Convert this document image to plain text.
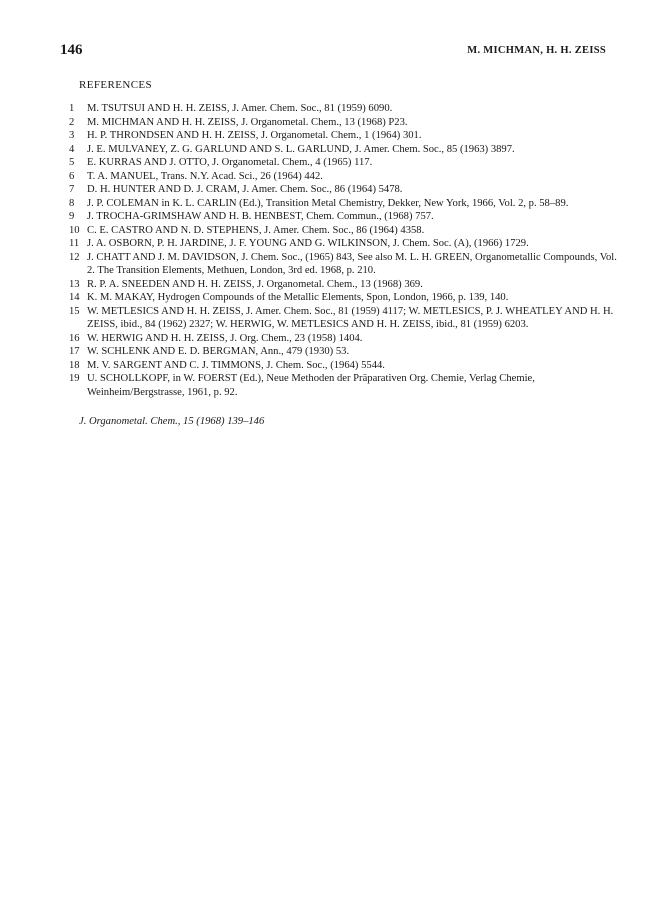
146	M. MICHMAN, H. H. ZEISS
REFERENCES
1	M. TSUTSUI AND H. H. ZEISS, J. Amer. Chem. Soc., 81 (1959) 6090.
2	M. MICHMAN AND H. H. ZEISS, J. Organometal. Chem., 13 (1968) P23.
3	H. P. THRONDSEN AND H. H. ZEISS, J. Organometal. Chem., 1 (1964) 301.
4	J. E. MULVANEY, Z. G. GARLUND AND S. L. GARLUND, J. Amer. Chem. Soc., 85 (1963) 3897.
5	E. KURRAS AND J. OTTO, J. Organometal. Chem., 4 (1965) 117.
6	T. A. MANUEL, Trans. N.Y. Acad. Sci., 26 (1964) 442.
7	D. H. HUNTER AND D. J. CRAM, J. Amer. Chem. Soc., 86 (1964) 5478.
8	J. P. COLEMAN in K. L. CARLIN (Ed.), Transition Metal Chemistry, Dekker, New York, 1966, Vol. 2, p. 58–89.
9	J. TROCHA-GRIMSHAW AND H. B. HENBEST, Chem. Commun., (1968) 757.
10 C. E. CASTRO AND N. D. STEPHENS, J. Amer. Chem. Soc., 86 (1964) 4358.
11 J. A. OSBORN, P. H. JARDINE, J. F. YOUNG AND G. WILKINSON, J. Chem. Soc. (A), (1966) 1729.
12 J. CHATT AND J. M. DAVIDSON, J. Chem. Soc., (1965) 843, See also M. L. H. GREEN, Organometallic Compounds, Vol. 2. The Transition Elements, Methuen, London, 3rd ed. 1968, p. 210.
13 R. P. A. SNEEDEN AND H. H. ZEISS, J. Organometal. Chem., 13 (1968) 369.
14 K. M. MAKAY, Hydrogen Compounds of the Metallic Elements, Spon, London, 1966, p. 139, 140.
15 W. METLESICS AND H. H. ZEISS, J. Amer. Chem. Soc., 81 (1959) 4117; W. METLESICS, P. J. WHEATLEY AND H. H. ZEISS, ibid., 84 (1962) 2327; W. HERWIG, W. METLESICS AND H. H. ZEISS, ibid., 81 (1959) 6203.
16 W. HERWIG AND H. H. ZEISS, J. Org. Chem., 23 (1958) 1404.
17 W. SCHLENK AND E. D. BERGMAN, Ann., 479 (1930) 53.
18 M. V. SARGENT AND C. J. TIMMONS, J. Chem. Soc., (1964) 5544.
19 U. SCHOLLKOPF, in W. FOERST (Ed.), Neue Methoden der Präparativen Org. Chemie, Verlag Chemie, Weinheim/Bergstrasse, 1961, p. 92.
J. Organometal. Chem., 15 (1968) 139–146
